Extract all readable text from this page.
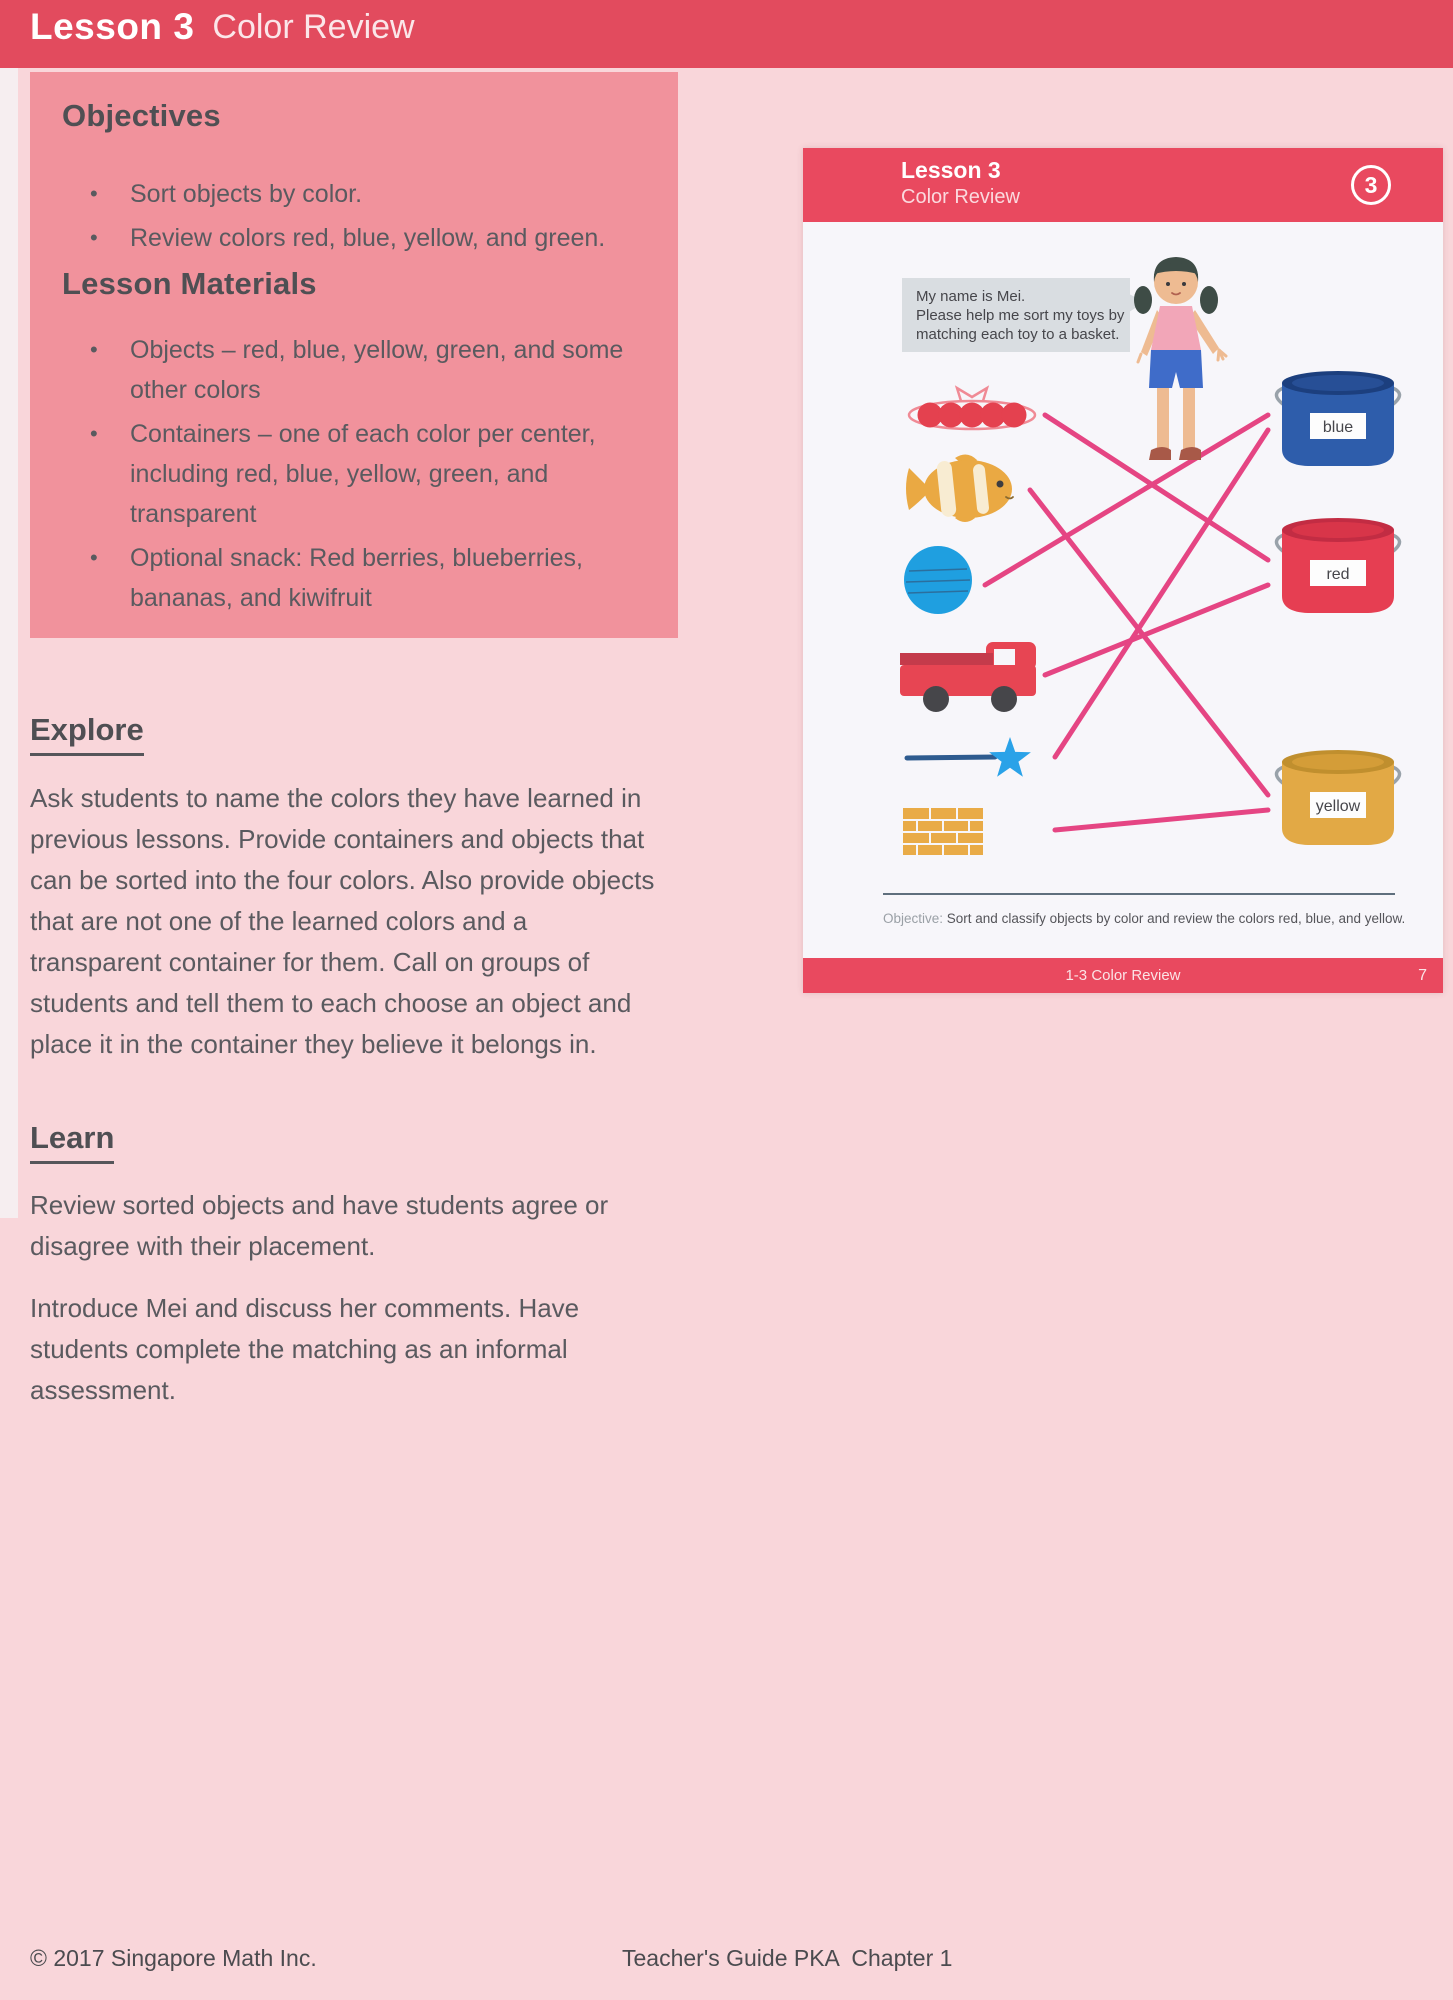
Lesson 3 Color Review
Objectives
• Sort objects by color.
• Review colors red, blue, yellow, and green.
Lesson Materials
• Objects – red, blue, yellow, green, and some other colors
• Containers – one of each color per center, including red, blue, yellow, green, and transparent
• Optional snack: Red berries, blueberries, bananas, and kiwifruit
Explore

Ask students to name the colors they have learned in previous lessons. Provide containers and objects that can be sorted into the four colors. Also provide objects that are not one of the learned colors and a transparent container for them. Call on groups of students and tell them to each choose an object and place it in the container they believe it belongs in.

Learn

Review sorted objects and have students agree or disagree with their placement.

Introduce Mei and discuss her comments. Have students complete the matching as an informal assessment.

© 2017 Singapore Math Inc.	Teacher's Guide PKA  Chapter 1
Lesson 3
Color Review	3
My name is Mei.
Please help me sort my toys by
matching each toy to a basket.
blue
red
yellow
Objective: Sort and classify objects by color and review the colors red, blue, and yellow.
1-3 Color Review	7
